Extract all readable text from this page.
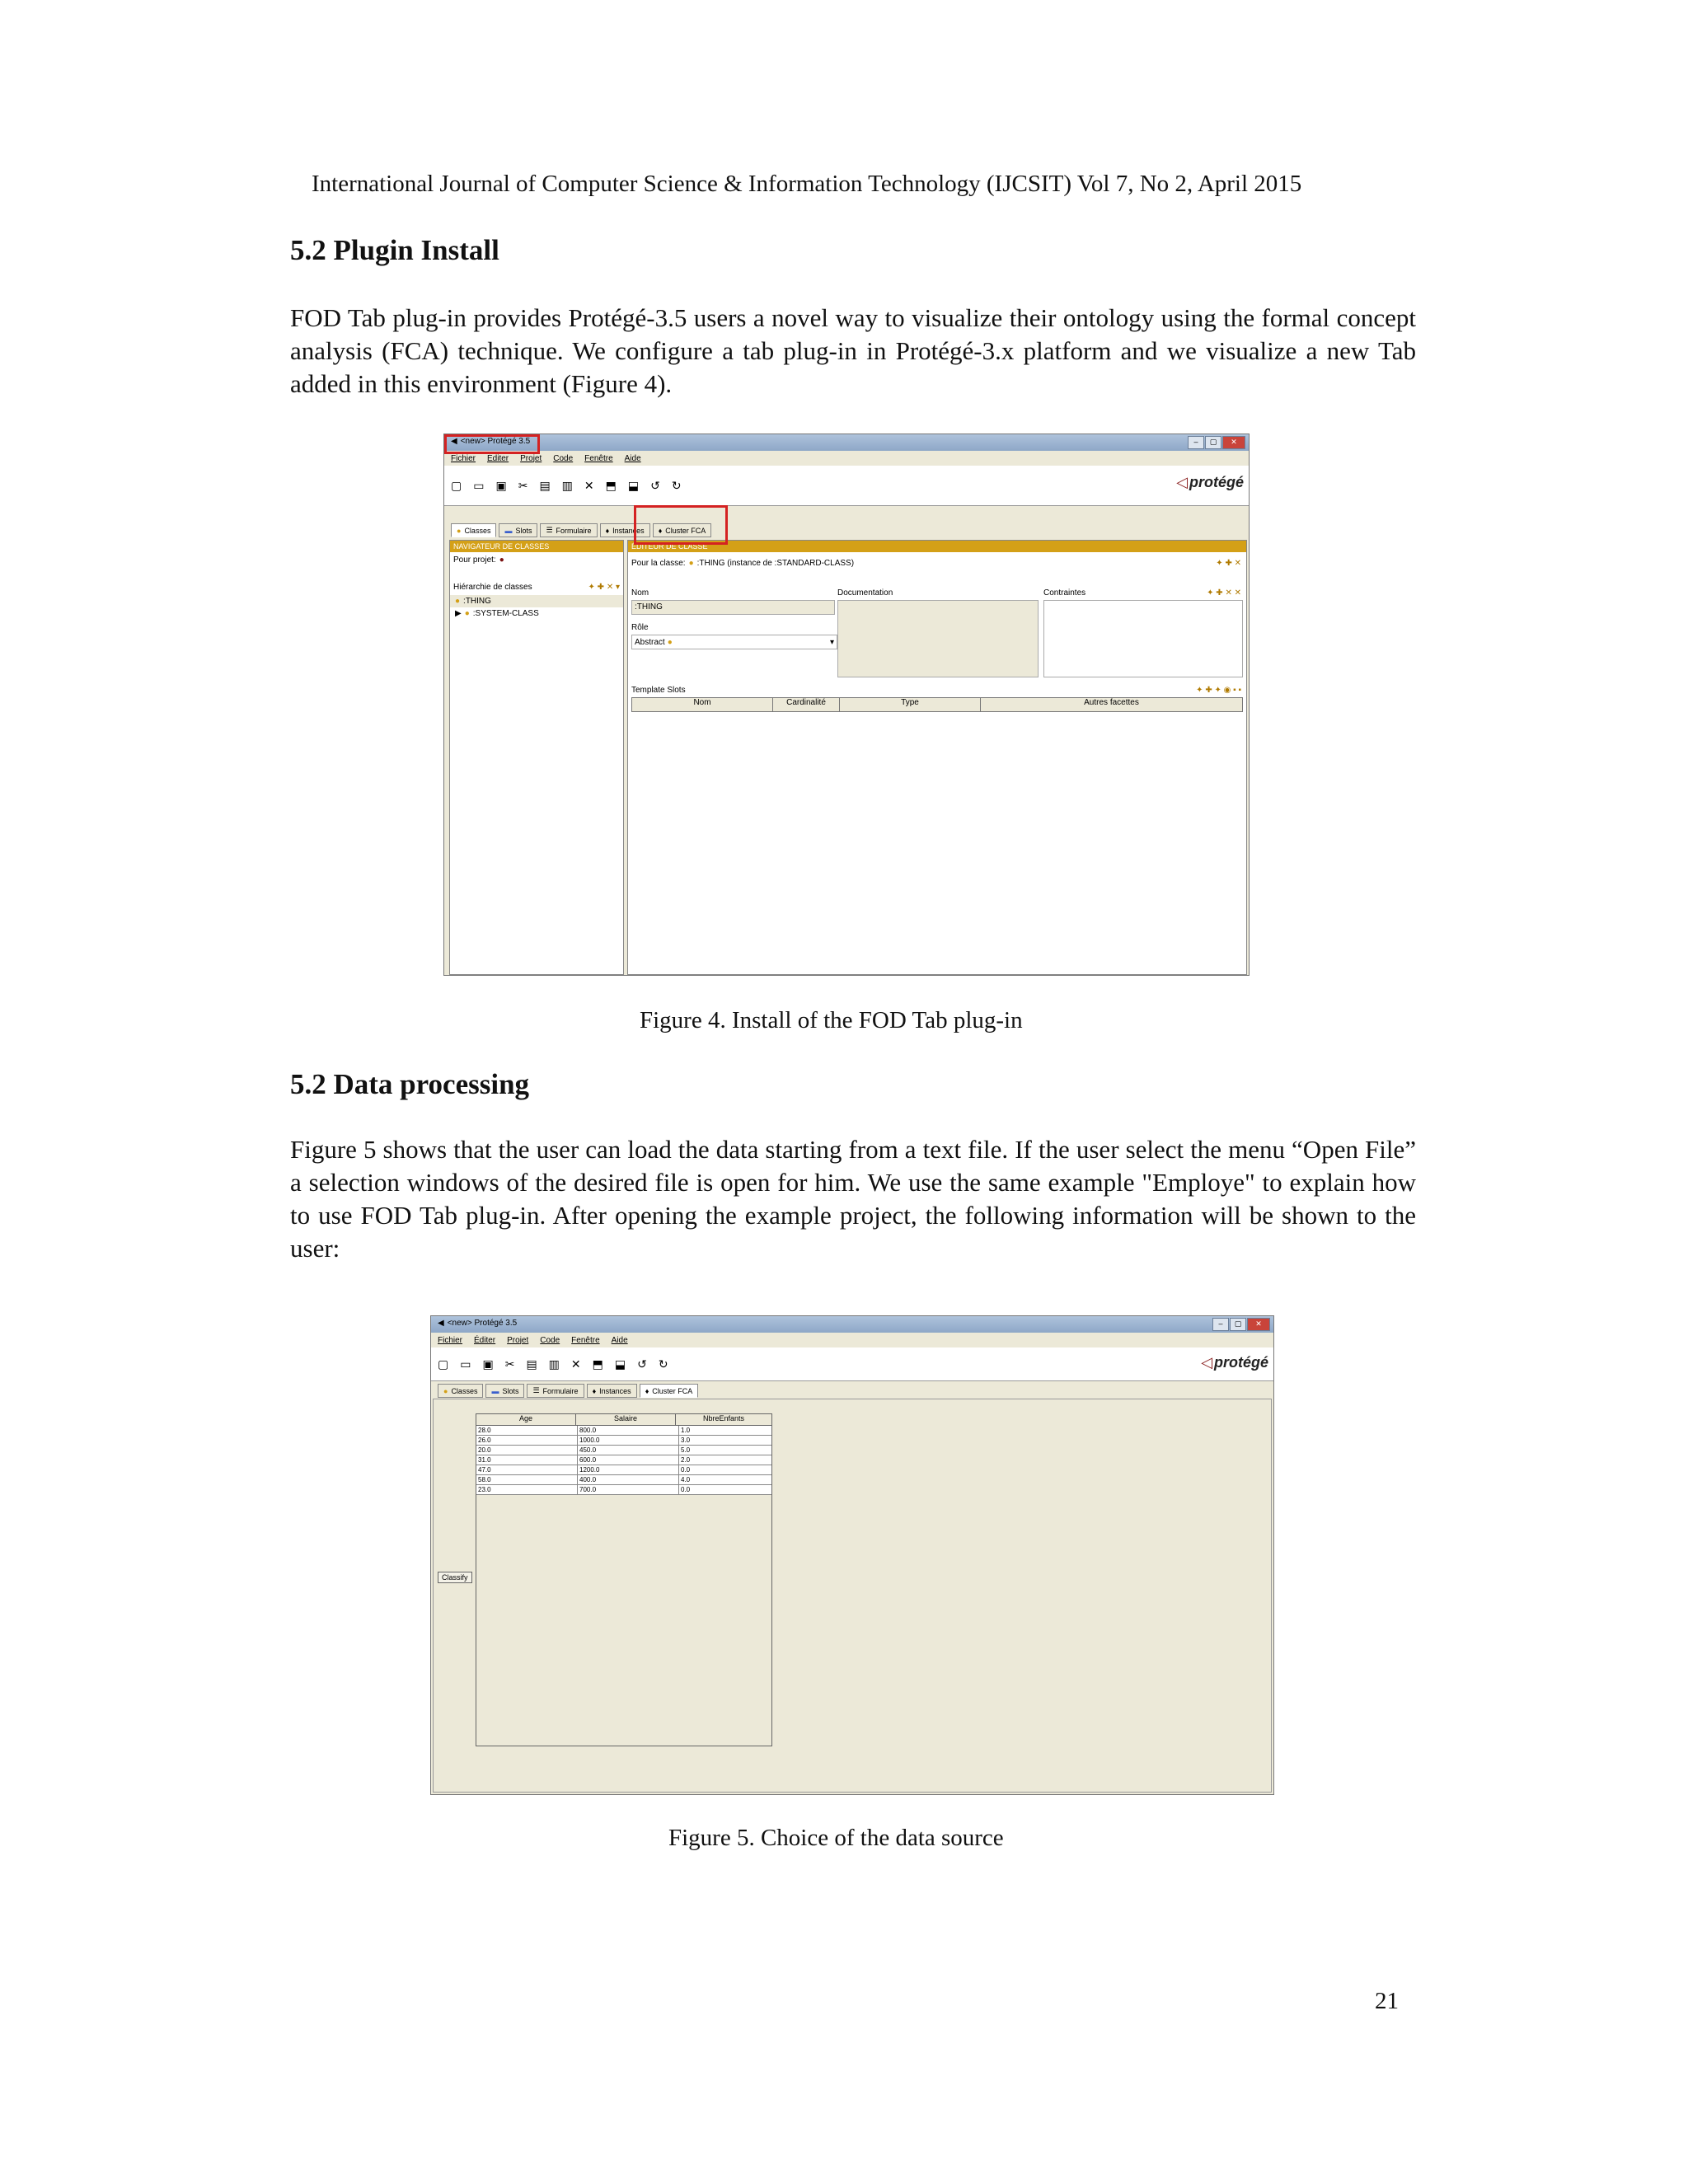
International Journal of Computer Science & Information Technology (IJCSIT) Vol 7, No 2, April 2015
5.2 Plugin Install

FOD Tab plug-in provides Protégé-3.5 users a novel way to visualize their ontology using the formal concept analysis (FCA) technique. We configure a tab plug-in in Protégé-3.x platform and we visualize a new Tab added in this environment (Figure 4).

◀ <new> Protégé 3.5	–	▢	✕
Fichier Éditer Projet Code Fenêtre Aide
▢ ▭ ▣ ✂ ▤ ▥ ✕ ⬒ ⬓ ↺ ↻	◁ protégé
● Classes ▬ Slots ☰ Formulaire ♦ Instances ♦ Cluster FCA
NAVIGATEUR DE CLASSES
Pour projet: ●
Hiérarchie de classes	✦ ✚ ✕ ▾
● :THING
▶ ● :SYSTEM-CLASS
ÉDITEUR DE CLASSE
Pour la classe: ● :THING (instance de :STANDARD-CLASS)	✦ ✚ ✕
Nom
:THING
Documentation	Contraintes	✦ ✚ ✕ ✕
Rôle
Abstract ●	▾
Template Slots	✦ ✚ ✦ ◉ ▪ ▪
Nom	Cardinalité	Type	Autres facettes
Figure 4. Install of the FOD Tab plug-in
5.2 Data processing

Figure 5 shows that the user can load the data starting from a text file. If the user select the menu “Open File” a selection windows of the desired file is open for him. We use the same example "Employe" to explain how to use FOD Tab plug-in. After opening the example project, the following information will be shown to the user:

◀ <new> Protégé 3.5	–	▢	✕
Fichier Éditer Projet Code Fenêtre Aide
▢ ▭ ▣ ✂ ▤ ▥ ✕ ⬒ ⬓ ↺ ↻	◁ protégé
● Classes ▬ Slots ☰ Formulaire ♦ Instances ♦ Cluster FCA
Classify
Age	Salaire	NbreEnfants
28.0	800.0	1.0
26.0	1000.0	3.0
20.0	450.0	5.0
31.0	600.0	2.0
47.0	1200.0	0.0
58.0	400.0	4.0
23.0	700.0	0.0
Figure 5. Choice of the data source
21
